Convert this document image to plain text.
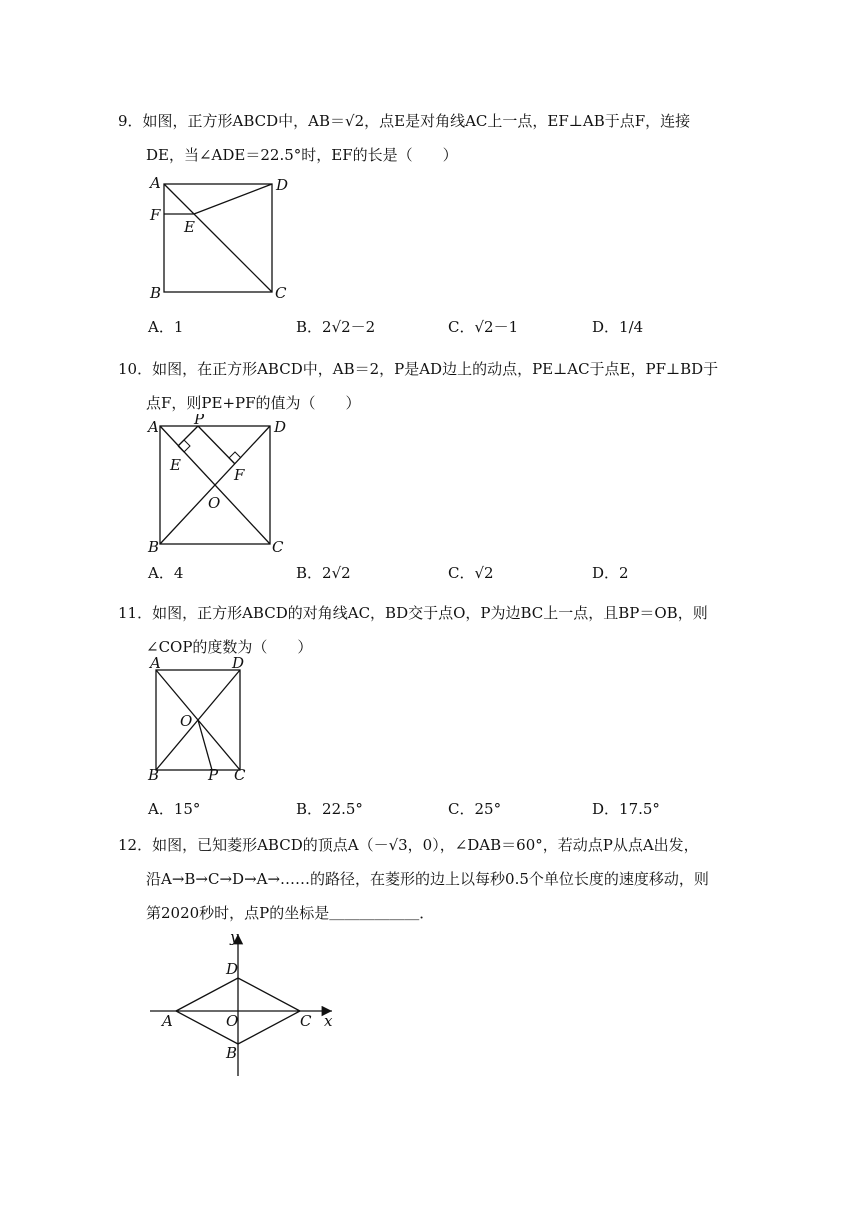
9．如图，正方形ABCD中，AB＝√2，点E是对角线AC上一点，EF⊥AB于点F，连接
DE，当∠ADE＝22.5°时，EF的长是（　　）
A	D
F
E
B	C
A．1	B．2√2－2	C．√2－1	D．1/4
10．如图，在正方形ABCD中，AB＝2，P是AD边上的动点，PE⊥AC于点E，PF⊥BD于
点F，则PE+PF的值为（　　）
A P	D
E
F
O
B	C
A．4	B．2√2	C．√2	D．2
11．如图，正方形ABCD的对角线AC，BD交于点O，P为边BC上一点，且BP＝OB，则
∠COP的度数为（　　）
A	D
O
B	P C
A．15°	B．22.5°	C．25°	D．17.5°
12．如图，已知菱形ABCD的顶点A（－√3，0），∠DAB＝60°，若动点P从点A出发，
沿A→B→C→D→A→……的路径，在菱形的边上以每秒0.5个单位长度的速度移动，则
第2020秒时，点P的坐标是＿＿＿＿＿＿．
y
D
A	O	C x
B
